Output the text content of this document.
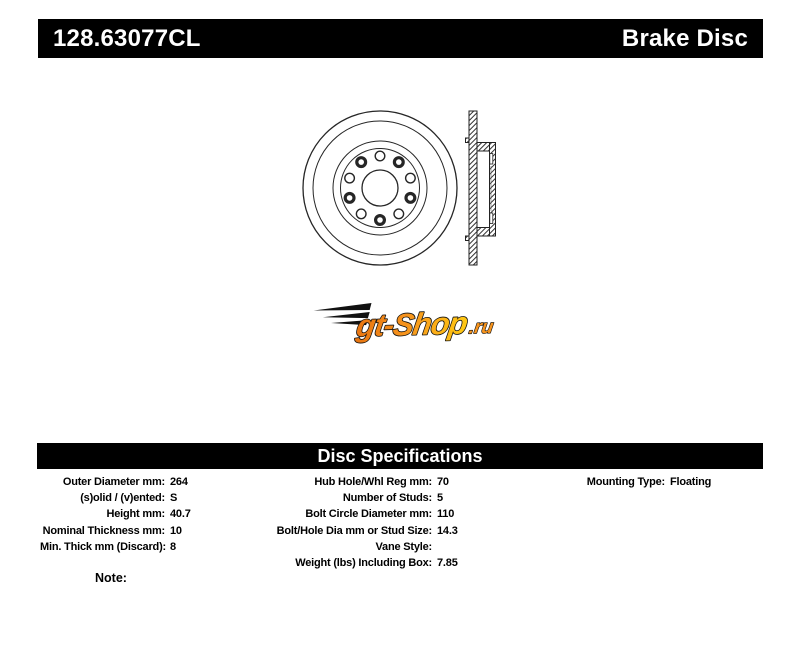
128.63077CL	Brake Disc
gt-Shop
.ru
Disc Specifications
Outer Diameter mm: 264
(s)olid / (v)ented: S
Height mm: 40.7
Nominal Thickness mm: 10
Min. Thick mm (Discard): 8
Hub Hole/Whl Reg mm: 70
Number of Studs: 5
Bolt Circle Diameter mm: 110
Bolt/Hole Dia mm or Stud Size: 14.3
Vane Style:
Weight (lbs) Including Box: 7.85
Mounting Type: Floating
Note:
